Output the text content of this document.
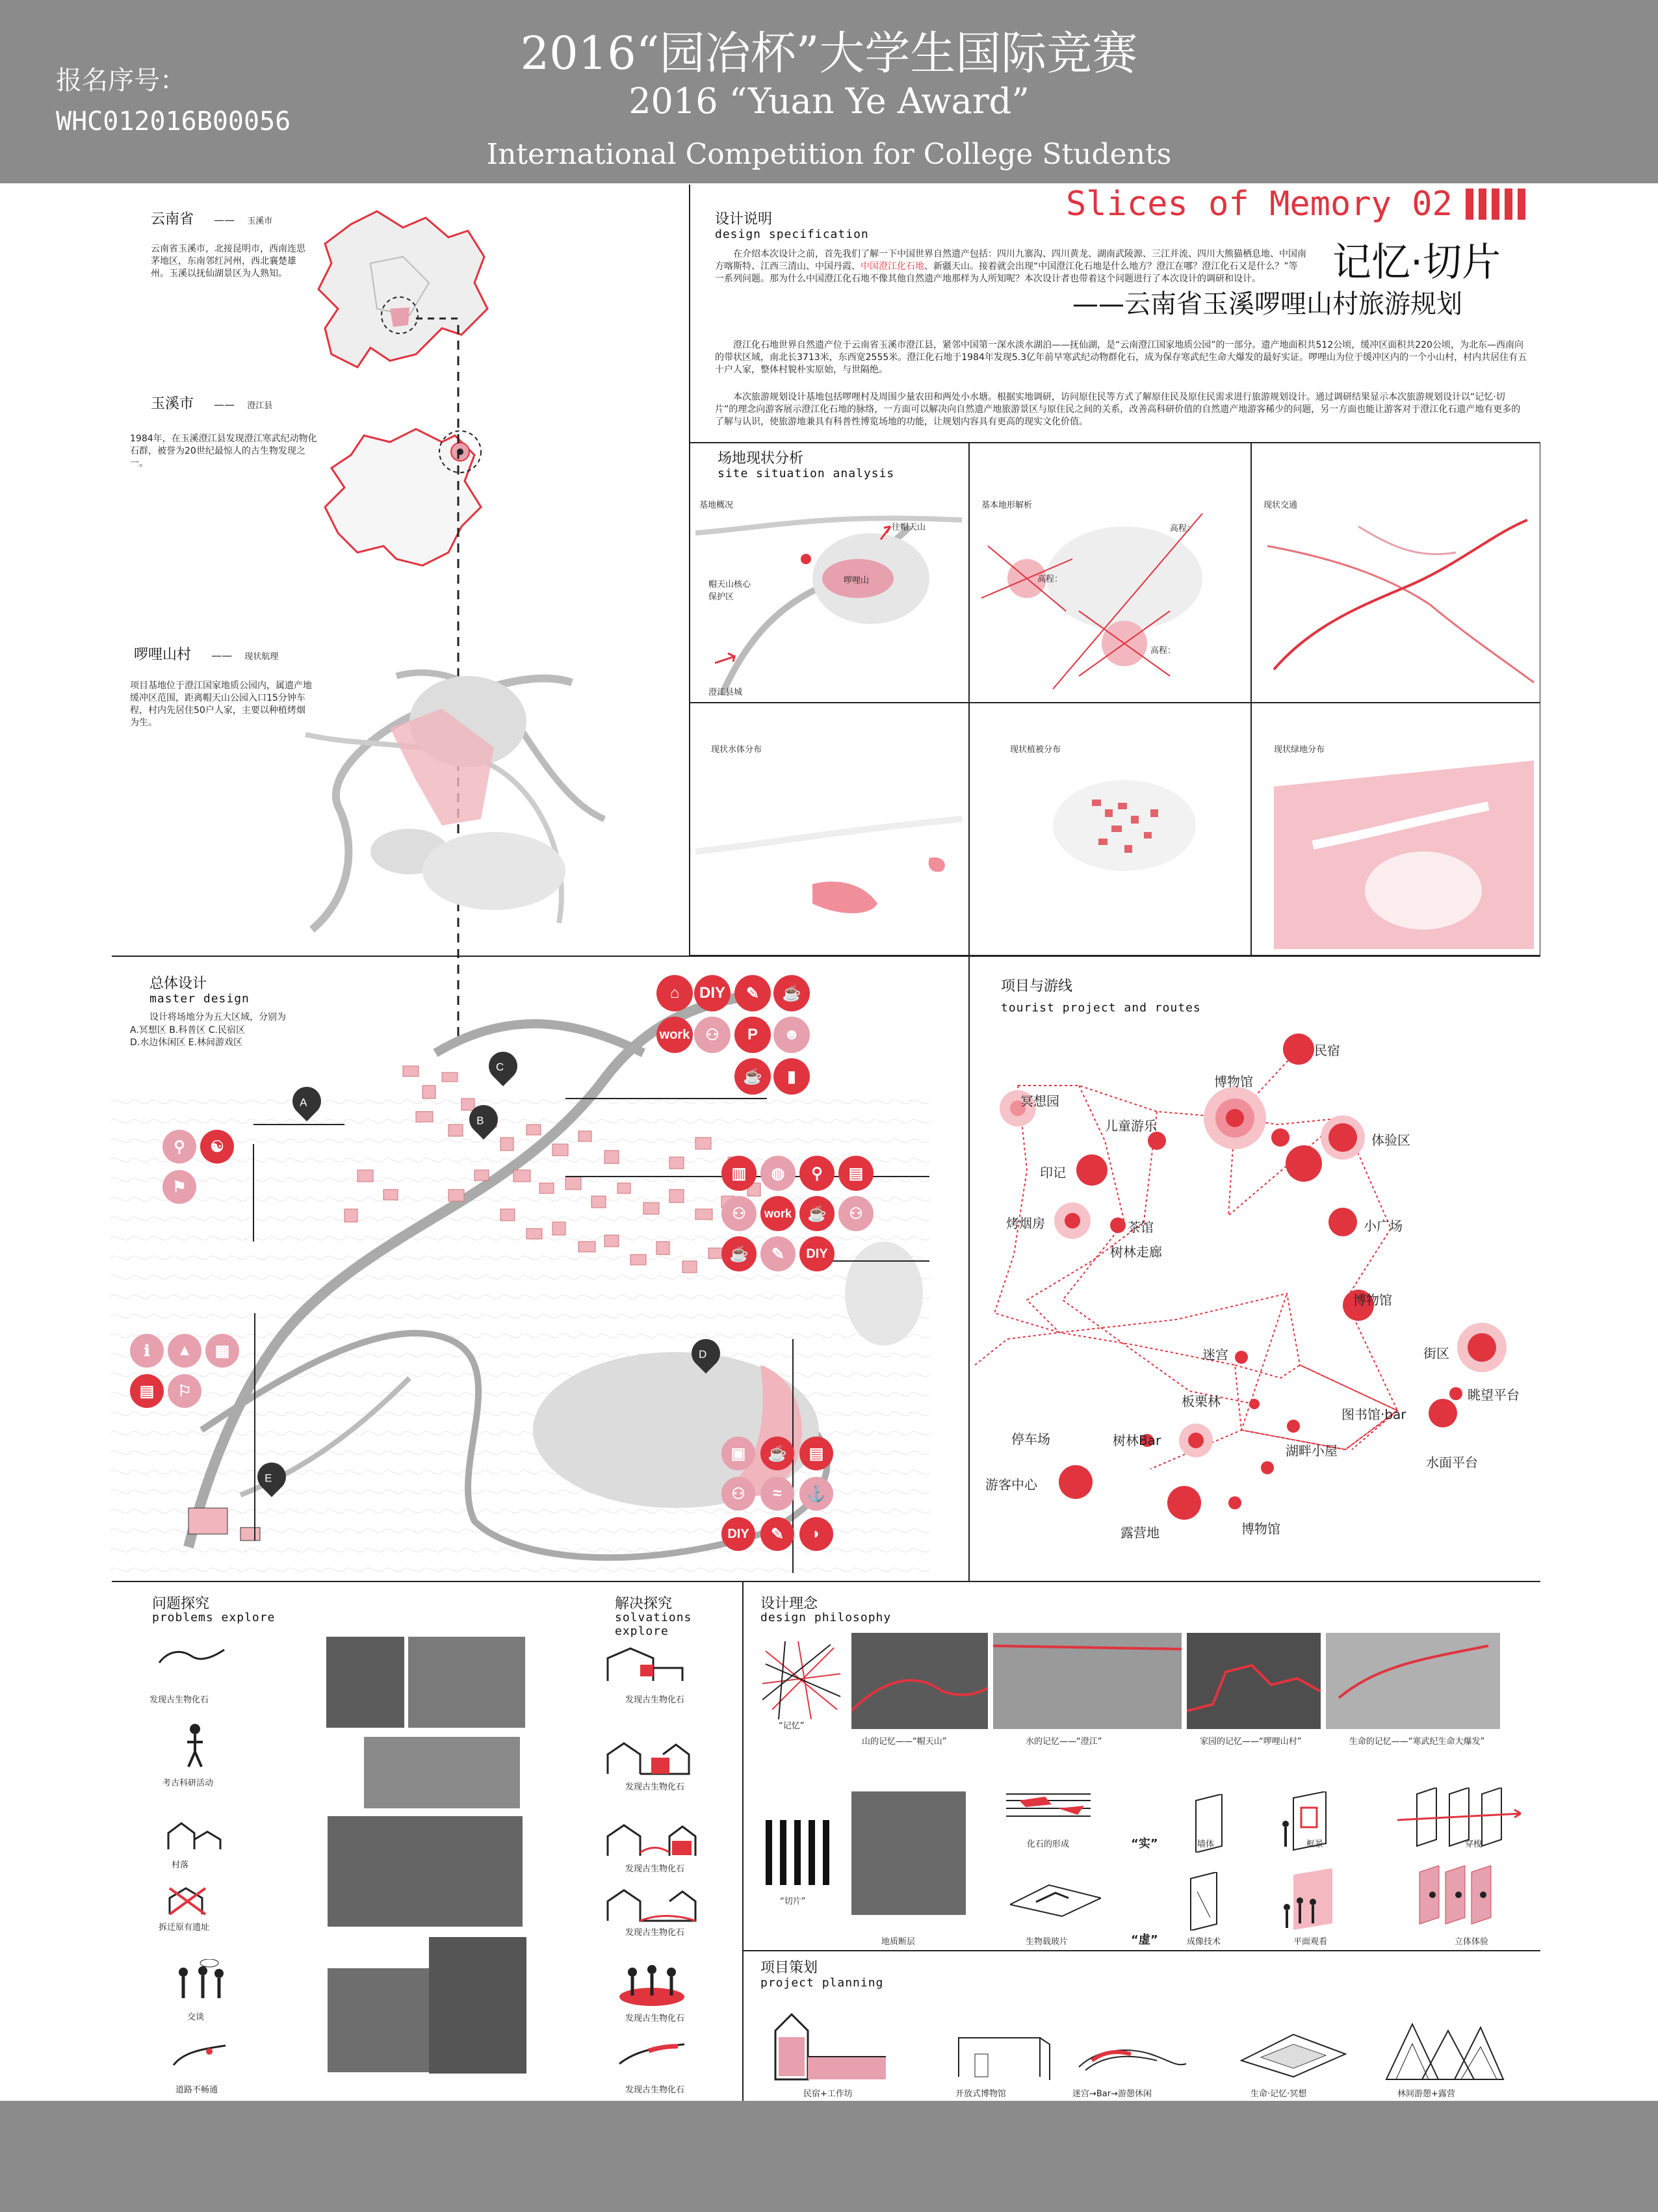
报名序号：
WHC012016B00056
2016“园冶杯”大学生国际竞赛
2016 “Yuan Ye Award”
International Competition for College Students
云南省 —— 玉溪市
云南省玉溪市，北接昆明市，西南连思茅地区，东南邻红河州，西北襄楚雄州。玉溪以抚仙湖景区为人熟知。
玉溪市 —— 澄江县
1984年，在玉溪澄江县发现澄江寒武纪动物化石群，被誉为20世纪最惊人的古生物发现之一。
啰哩山村 —— 现状航理
项目基地位于澄江国家地质公园内，属遗产地缓冲区范围，距离帽天山公园入口15分钟车程，村内先居住50户人家，主要以种植烤烟为生。
设计说明
design specification
在介绍本次设计之前，首先我们了解一下中国世界自然遗产包括：四川九寨沟、四川黄龙、湖南武陵源、三江并流、四川大熊猫栖息地、中国南方喀斯特、江西三清山、中国丹霞、中国澄江化石地、新疆天山。接着就会出现“中国澄江化石地是什么地方？澄江在哪？澄江化石又是什么？”等一系列问题。那为什么中国澄江化石地不像其他自然遗产地那样为人所知呢？本次设计者也带着这个问题进行了本次设计的调研和设计。
澄江化石地世界自然遗产位于云南省玉溪市澄江县，紧邻中国第一深水淡水湖泊——抚仙湖，是“云南澄江国家地质公园”的一部分。遗产地面积共512公顷，缓冲区面积共220公顷，为北东—西南向的带状区域，南北长3713米，东西宽2555米。澄江化石地于1984年发现5.3亿年前早寒武纪动物群化石，成为保存寒武纪生命大爆发的最好实证。啰哩山为位于缓冲区内的一个小山村，村内共居住有五十户人家，整体村貌朴实原始，与世隔绝。
本次旅游规划设计基地包括啰哩村及周围少量农田和两处小水塘。根据实地调研，访问原住民等方式了解原住民及原住民需求进行旅游规划设计。通过调研结果显示本次旅游规划设计以“记忆·切片”的理念向游客展示澄江化石地的脉络，一方面可以解决向自然遗产地旅游景区与原住民之间的关系，改善高科研价值的自然遗产地游客稀少的问题，另一方面也能让游客对于澄江化石遗产地有更多的了解与认识，使旅游地兼具有科普性博览场地的功能，让规划内容具有更高的现实文化价值。
Slices of Memory 02
记忆·切片
——云南省玉溪啰哩山村旅游规划
场地现状分析
site situation analysis
基地概况
往帽天山
啰哩山
帽天山核心保护区
澄江县城
基本地形解析
高程：
高程：
高程：
现状交通
现状水体分布	现状植被分布	现状绿地分布
总体设计
master design
设计将场地分为五大区域，分别为
A.冥想区 B.科普区 C.民宿区
D.水边休闲区 E.林间游戏区
A
B
C
D
E
⌂	DIY	✎	☕
work ⚇	P	☻
☕	▮
⚲	☯
⚑
▥	◍	⚲	▤
⚇	work	☕	⚇
☕	✎	DIY
ℹ	▲	▦
▤	⚐
▣	☕	▤
⚇	≈	⚓
DIY	✎	◗
项目与游线
tourist project and routes
民宿
博物馆
冥想园
儿童游乐
体验区
印记
小广场
烤烟房	茶馆
树林走廊
博物馆
迷宫	街区
板栗林	眺望平台
图书馆·bar
树林Bar
湖畔小屋
停车场
水面平台
游客中心
露营地	博物馆
问题探究
problems explore
解决探究
solvations explore
发现古生物化石
考古科研活动
村落
拆迁原有遗址
交谈
道路不畅通
发现古生物化石
发现古生物化石
发现古生物化石
发现古生物化石
发现古生物化石
发现古生物化石
设计理念
design philosophy
“记忆”
山的记忆——“帽天山”	水的记忆——“澄江”	家园的记忆——“啰哩山村”	生命的记忆——“寒武纪生命大爆发”
“切片”
地质断层
化石的形成
生物载玻片
“实”
“虚”
墙体
成像技术
框景
平面观看
穿梭
立体体验
项目策划
project planning
民宿+工作坊	开放式博物馆	迷宫→Bar→游憩休闲	生命·记忆·冥想	林间游憩+露营
